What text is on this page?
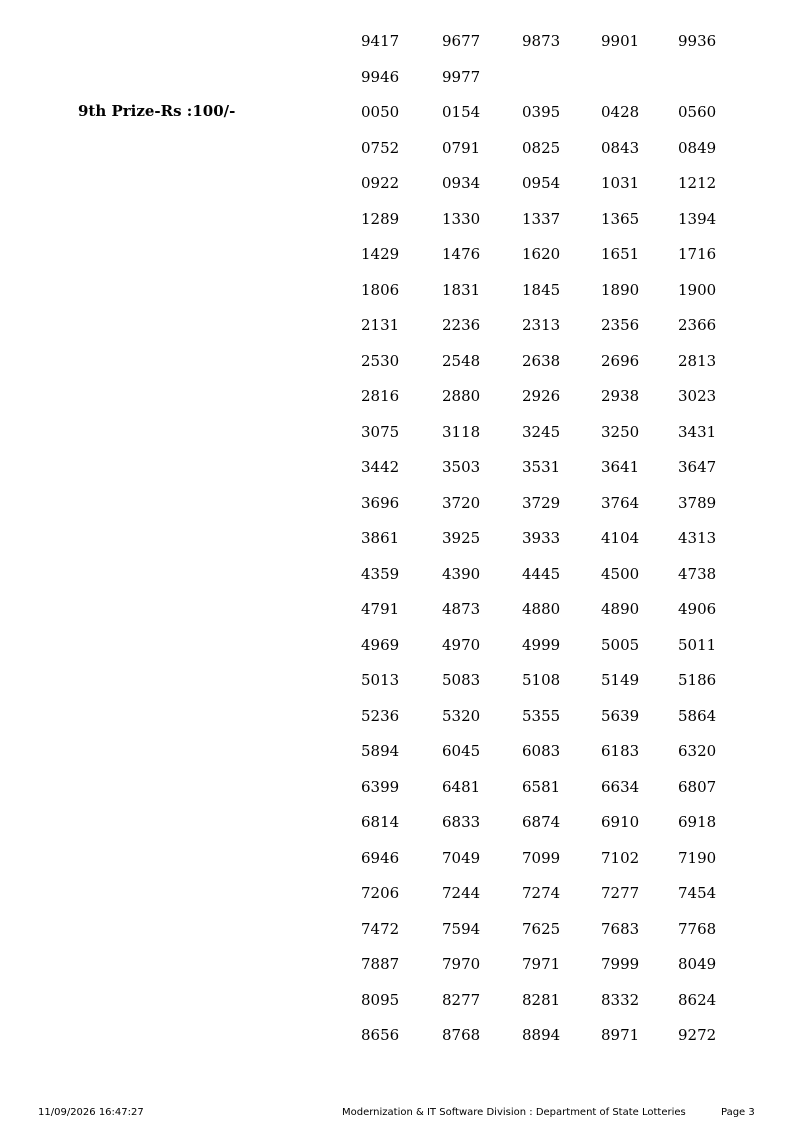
9th Prize-Rs :100/-
9417	9677	9873	9901	9936
9946	9977
0050	0154	0395	0428	0560
0752	0791	0825	0843	0849
0922	0934	0954	1031	1212
1289	1330	1337	1365	1394
1429	1476	1620	1651	1716
1806	1831	1845	1890	1900
2131	2236	2313	2356	2366
2530	2548	2638	2696	2813
2816	2880	2926	2938	3023
3075	3118	3245	3250	3431
3442	3503	3531	3641	3647
3696	3720	3729	3764	3789
3861	3925	3933	4104	4313
4359	4390	4445	4500	4738
4791	4873	4880	4890	4906
4969	4970	4999	5005	5011
5013	5083	5108	5149	5186
5236	5320	5355	5639	5864
5894	6045	6083	6183	6320
6399	6481	6581	6634	6807
6814	6833	6874	6910	6918
6946	7049	7099	7102	7190
7206	7244	7274	7277	7454
7472	7594	7625	7683	7768
7887	7970	7971	7999	8049
8095	8277	8281	8332	8624
8656	8768	8894	8971	9272
11/09/2026 16:47:27	Modernization & IT Software Division : Department of State Lotteries	Page 3
